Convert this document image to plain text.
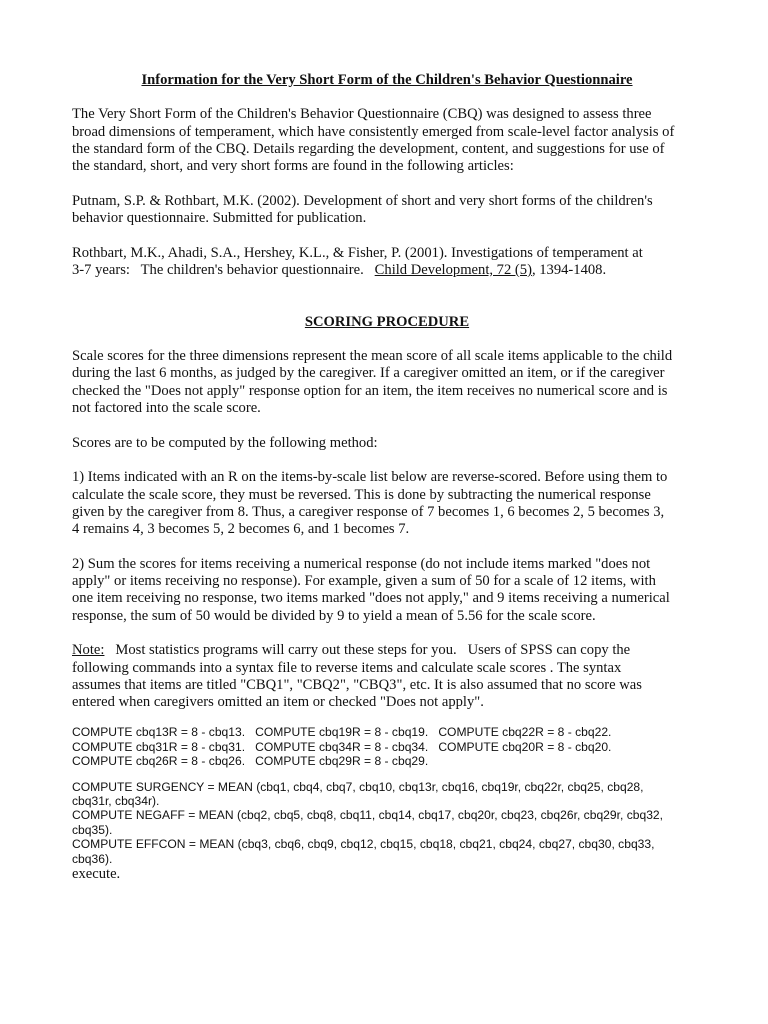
Information for the Very Short Form of the Children's Behavior Questionnaire

The Very Short Form of the Children's Behavior Questionnaire (CBQ) was designed to assess three
broad dimensions of temperament, which have consistently emerged from scale-level factor analysis of
the standard form of the CBQ. Details regarding the development, content, and suggestions for use of
the standard, short, and very short forms are found in the following articles:

Putnam, S.P. & Rothbart, M.K. (2002). Development of short and very short forms of the children's
behavior questionnaire. Submitted for publication.

Rothbart, M.K., Ahadi, S.A., Hershey, K.L., & Fisher, P. (2001). Investigations of temperament at
3-7 years:   The children's behavior questionnaire.   Child Development, 72 (5), 1394-1408.

SCORING PROCEDURE

Scale scores for the three dimensions represent the mean score of all scale items applicable to the child
during the last 6 months, as judged by the caregiver. If a caregiver omitted an item, or if the caregiver
checked the "Does not apply" response option for an item, the item receives no numerical score and is
not factored into the scale score.

Scores are to be computed by the following method:

1) Items indicated with an R on the items-by-scale list below are reverse-scored. Before using them to
calculate the scale score, they must be reversed. This is done by subtracting the numerical response
given by the caregiver from 8. Thus, a caregiver response of 7 becomes 1, 6 becomes 2, 5 becomes 3,
4 remains 4, 3 becomes 5, 2 becomes 6, and 1 becomes 7.

2) Sum the scores for items receiving a numerical response (do not include items marked "does not
apply" or items receiving no response). For example, given a sum of 50 for a scale of 12 items, with
one item receiving no response, two items marked "does not apply," and 9 items receiving a numerical
response, the sum of 50 would be divided by 9 to yield a mean of 5.56 for the scale score.

Note:   Most statistics programs will carry out these steps for you.   Users of SPSS can copy the
following commands into a syntax file to reverse items and calculate scale scores . The syntax
assumes that items are titled "CBQ1", "CBQ2", "CBQ3", etc. It is also assumed that no score was
entered when caregivers omitted an item or checked "Does not apply".

COMPUTE cbq13R = 8 - cbq13.   COMPUTE cbq19R = 8 - cbq19.   COMPUTE cbq22R = 8 - cbq22.
COMPUTE cbq31R = 8 - cbq31.   COMPUTE cbq34R = 8 - cbq34.   COMPUTE cbq20R = 8 - cbq20.
COMPUTE cbq26R = 8 - cbq26.   COMPUTE cbq29R = 8 - cbq29.
COMPUTE SURGENCY = MEAN (cbq1, cbq4, cbq7, cbq10, cbq13r, cbq16, cbq19r, cbq22r, cbq25, cbq28,
cbq31r, cbq34r).
COMPUTE NEGAFF = MEAN (cbq2, cbq5, cbq8, cbq11, cbq14, cbq17, cbq20r, cbq23, cbq26r, cbq29r, cbq32,
cbq35).
COMPUTE EFFCON = MEAN (cbq3, cbq6, cbq9, cbq12, cbq15, cbq18, cbq21, cbq24, cbq27, cbq30, cbq33,
cbq36).
execute.
